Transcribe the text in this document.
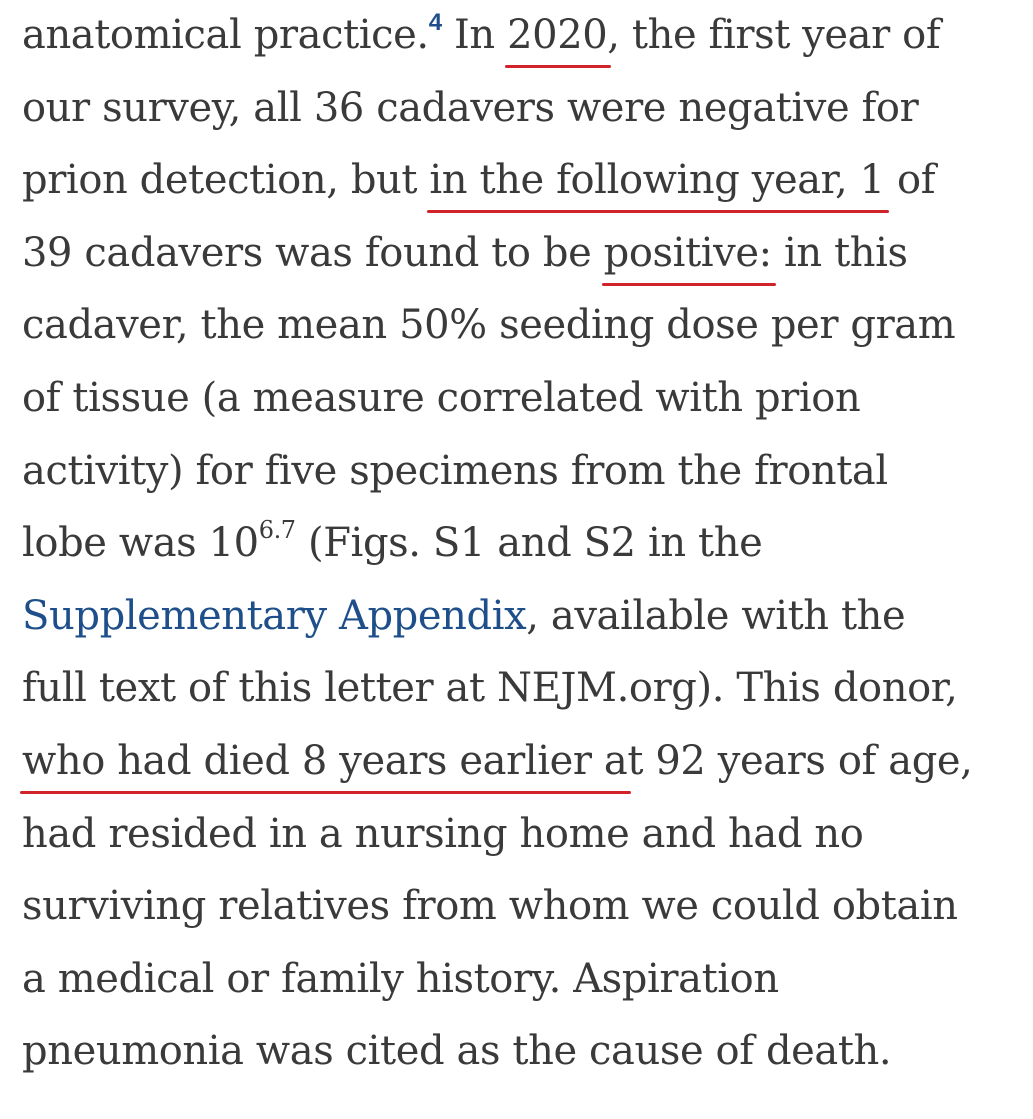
anatomical practice.$^4$ In 2020, the first year of
our survey, all 36 cadavers were negative for
prion detection, but in the following year, 1 of
39 cadavers was found to be positive: in this
cadaver, the mean 50% seeding dose per gram
of tissue (a measure correlated with prion
activity) for five specimens from the frontal
lobe was $10^{6.7}$ (Figs. S1 and S2 in the
Supplementary Appendix, available with the
full text of this letter at NEJM.org). This donor,
who had died 8 years earlier at 92 years of age,
had resided in a nursing home and had no
surviving relatives from whom we could obtain
a medical or family history. Aspiration
pneumonia was cited as the cause of death.
